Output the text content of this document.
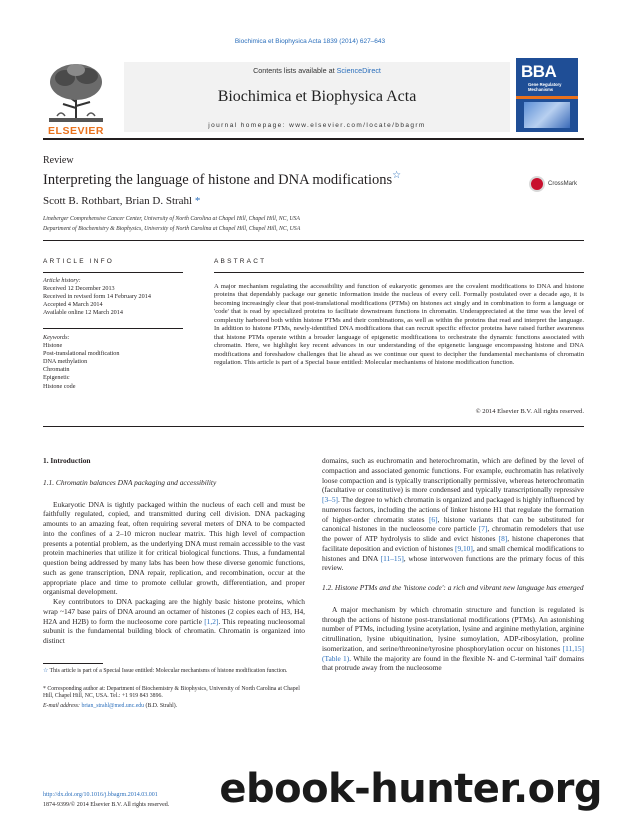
Biochimica et Biophysica Acta 1839 (2014) 627–643
Contents lists available at ScienceDirect
Biochimica et Biophysica Acta
journal homepage: www.elsevier.com/locate/bbagrm
ELSEVIER
BBA
Gene Regulatory Mechanisms
Review
Interpreting the language of histone and DNA modifications☆
CrossMark
Scott B. Rothbart, Brian D. Strahl *
Lineberger Comprehensive Cancer Center, University of North Carolina at Chapel Hill, Chapel Hill, NC, USA
Department of Biochemistry & Biophysics, University of North Carolina at Chapel Hill, Chapel Hill, NC, USA
ARTICLE INFO
Article history:
Received 12 December 2013
Received in revised form 14 February 2014
Accepted 4 March 2014
Available online 12 March 2014
Keywords:
Histone
Post-translational modification
DNA methylation
Chromatin
Epigenetic
Histone code
ABSTRACT
A major mechanism regulating the accessibility and function of eukaryotic genomes are the covalent modifications to DNA and histone proteins that dependably package our genetic information inside the nucleus of every cell. Formally postulated over a decade ago, it is becoming increasingly clear that post-translational modifications (PTMs) on histones act singly and in combination to form a language or 'code' that is read by specialized proteins to facilitate downstream functions in chromatin. Underappreciated at the time was the level of complexity harbored both within histone PTMs and their combinations, as well as within the proteins that read and interpret the language. In addition to histone PTMs, newly-identified DNA modifications that can recruit specific effector proteins have raised further awareness that histone PTMs operate within a broader language of epigenetic modifications to orchestrate the dynamic functions associated with chromatin. Here, we highlight key recent advances in our understanding of the epigenetic language encompassing histone and DNA modifications and foreshadow challenges that lie ahead as we continue our quest to decipher the fundamental mechanisms of chromatin regulation. This article is part of a Special Issue entitled: Molecular mechanisms of histone modification function.
© 2014 Elsevier B.V. All rights reserved.
1. Introduction
1.1. Chromatin balances DNA packaging and accessibility

Eukaryotic DNA is tightly packaged within the nucleus of each cell and must be faithfully regulated, copied, and transmitted during cell division. DNA packaging amounts to an amazing feat, often requiring several meters of DNA to be compacted into the confines of a 2–10 micron nuclear matrix. This high level of compaction presents a potential problem, as the underlying DNA must remain accessible to the vast protein machineries that utilize it for critical biological functions. Thus, a fundamental question being addressed by many labs has been how these diverse genomic functions, such as gene transcription, DNA repair, replication, and recombination, occur at the appropriate place and time to promote cellular growth, differentiation, and proper organismal development.

Key contributors to DNA packaging are the highly basic histone proteins, which wrap ~147 base pairs of DNA around an octamer of histones (2 copies each of H3, H4, H2A and H2B) to form the nucleosome core particle [1,2]. This repeating nucleosomal subunit is the fundamental building block of chromatin. Chromatin is organized into distinct

☆ This article is part of a Special Issue entitled: Molecular mechanisms of histone modification function.
* Corresponding author at: Department of Biochemistry & Biophysics, University of North Carolina at Chapel Hill, Chapel Hill, NC, USA. Tel.: +1 919 843 3896.
E-mail address: brian_strahl@med.unc.edu (B.D. Strahl).

domains, such as euchromatin and heterochromatin, which are defined by the level of compaction and associated genomic functions. For example, euchromatin has relatively loose compaction and is typically transcriptionally permissive, whereas heterochromatin (facultative or constitutive) is more condensed and typically transcriptionally repressive [3–5]. The degree to which chromatin is organized and packaged is highly influenced by numerous factors, including the actions of linker histone H1 that regulate the formation of higher-order chromatin states [6], histone variants that can be substituted for canonical histones in the nucleosome core particle [7], chromatin remodelers that use the power of ATP hydrolysis to slide and evict histones [8], histone chaperones that facilitate deposition and eviction of histones [9,10], and small chemical modifications to histones and DNA [11–15], whose interwoven functions are the primary focus of this review.

1.2. Histone PTMs and the 'histone code': a rich and vibrant new language has emerged

A major mechanism by which chromatin structure and function is regulated is through the actions of histone post-translational modifications (PTMs). An astonishing number of PTMs, including lysine acetylation, lysine and arginine methylation, arginine citrullination, lysine ubiquitination, lysine sumoylation, ADP-ribosylation, proline isomerization, and serine/threonine/tyrosine phosphorylation occur on histones [11,15] (Table 1). While the majority are found in the flexible N- and C-terminal 'tail' domains that protrude away from the nucleosome

http://dx.doi.org/10.1016/j.bbagrm.2014.03.001
1874-9399/© 2014 Elsevier B.V. All rights reserved.	ebook-hunter.org
